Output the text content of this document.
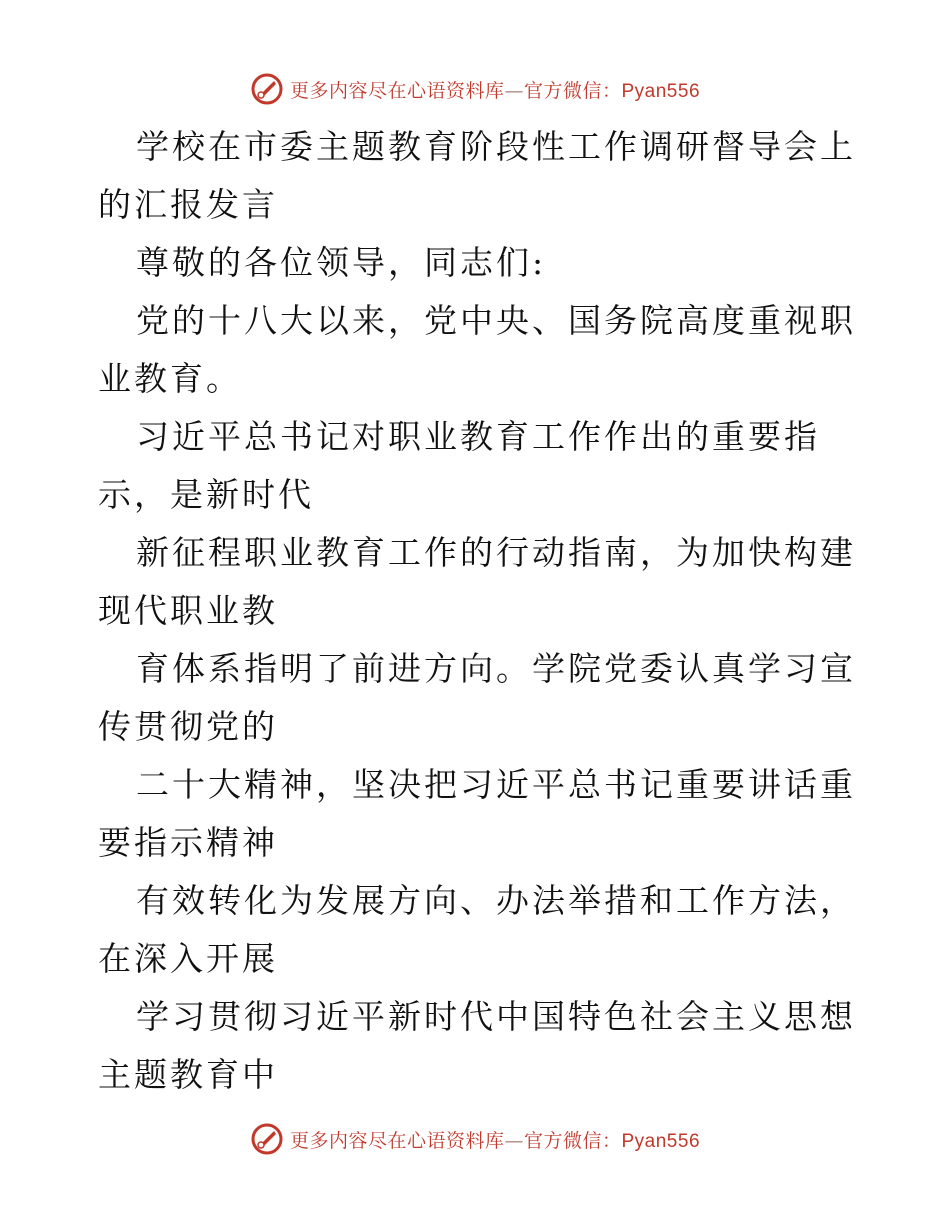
更多内容尽在心语资料库—官方微信：Pyan556

学校在市委主题教育阶段性工作调研督导会上的汇报发言

尊敬的各位领导，同志们:

党的十八大以来，党中央、国务院高度重视职业教育。

习近平总书记对职业教育工作作出的重要指示，是新时代

新征程职业教育工作的行动指南，为加快构建现代职业教

育体系指明了前进方向。学院党委认真学习宣传贯彻党的

二十大精神，坚决把习近平总书记重要讲话重要指示精神

有效转化为发展方向、办法举措和工作方法，在深入开展

学习贯彻习近平新时代中国特色社会主义思想主题教育中

更多内容尽在心语资料库—官方微信：Pyan556
